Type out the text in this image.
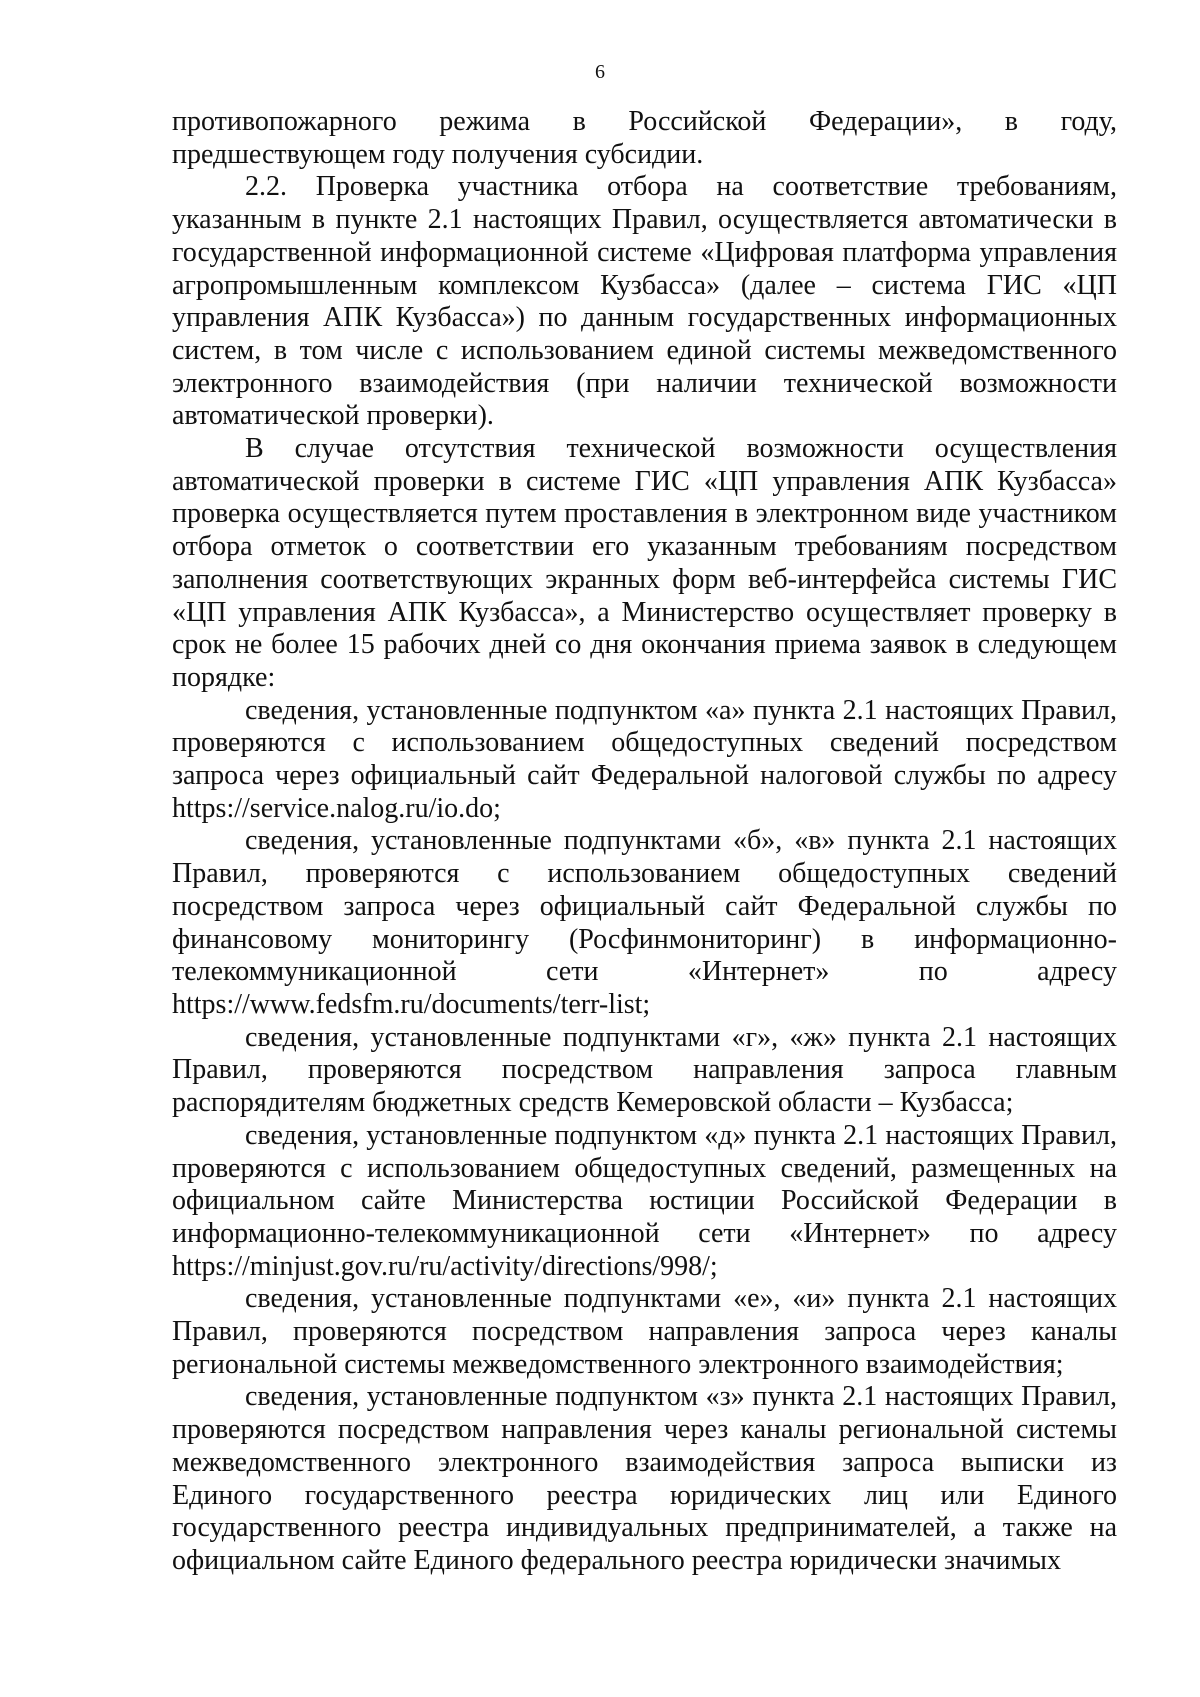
6

противопожарного режима в Российской Федерации», в году, предшествующем году получения субсидии.

2.2. Проверка участника отбора на соответствие требованиям, указанным в пункте 2.1 настоящих Правил, осуществляется автоматически в государственной информационной системе «Цифровая платформа управления агропромышленным комплексом Кузбасса» (далее – система ГИС «ЦП управления АПК Кузбасса») по данным государственных информационных систем, в том числе с использованием единой системы межведомственного электронного взаимодействия (при наличии технической возможности автоматической проверки).

В случае отсутствия технической возможности осуществления автоматической проверки в системе ГИС «ЦП управления АПК Кузбасса» проверка осуществляется путем проставления в электронном виде участником отбора отметок о соответствии его указанным требованиям посредством заполнения соответствующих экранных форм веб-интерфейса системы ГИС «ЦП управления АПК Кузбасса», а Министерство осуществляет проверку в срок не более 15 рабочих дней со дня окончания приема заявок в следующем порядке:

сведения, установленные подпунктом «а» пункта 2.1 настоящих Правил, проверяются с использованием общедоступных сведений посредством запроса через официальный сайт Федеральной налоговой службы по адресу https://service.nalog.ru/io.do;

сведения, установленные подпунктами «б», «в» пункта 2.1 настоящих Правил, проверяются с использованием общедоступных сведений посредством запроса через официальный сайт Федеральной службы по финансовому мониторингу (Росфинмониторинг) в информационно-телекоммуникационной сети «Интернет» по адресу https://www.fedsfm.ru/documents/terr-list;

сведения, установленные подпунктами «г», «ж» пункта 2.1 настоящих Правил, проверяются посредством направления запроса главным распорядителям бюджетных средств Кемеровской области – Кузбасса;

сведения, установленные подпунктом «д» пункта 2.1 настоящих Правил, проверяются с использованием общедоступных сведений, размещенных на официальном сайте Министерства юстиции Российской Федерации в информационно-телекоммуникационной сети «Интернет» по адресу https://minjust.gov.ru/ru/activity/directions/998/;

сведения, установленные подпунктами «е», «и» пункта 2.1 настоящих Правил, проверяются посредством направления запроса через каналы региональной системы межведомственного электронного взаимодействия;

сведения, установленные подпунктом «з» пункта 2.1 настоящих Правил, проверяются посредством направления через каналы региональной системы межведомственного электронного взаимодействия запроса выписки из Единого государственного реестра юридических лиц или Единого государственного реестра индивидуальных предпринимателей, а также на официальном сайте Единого федерального реестра юридически значимых
